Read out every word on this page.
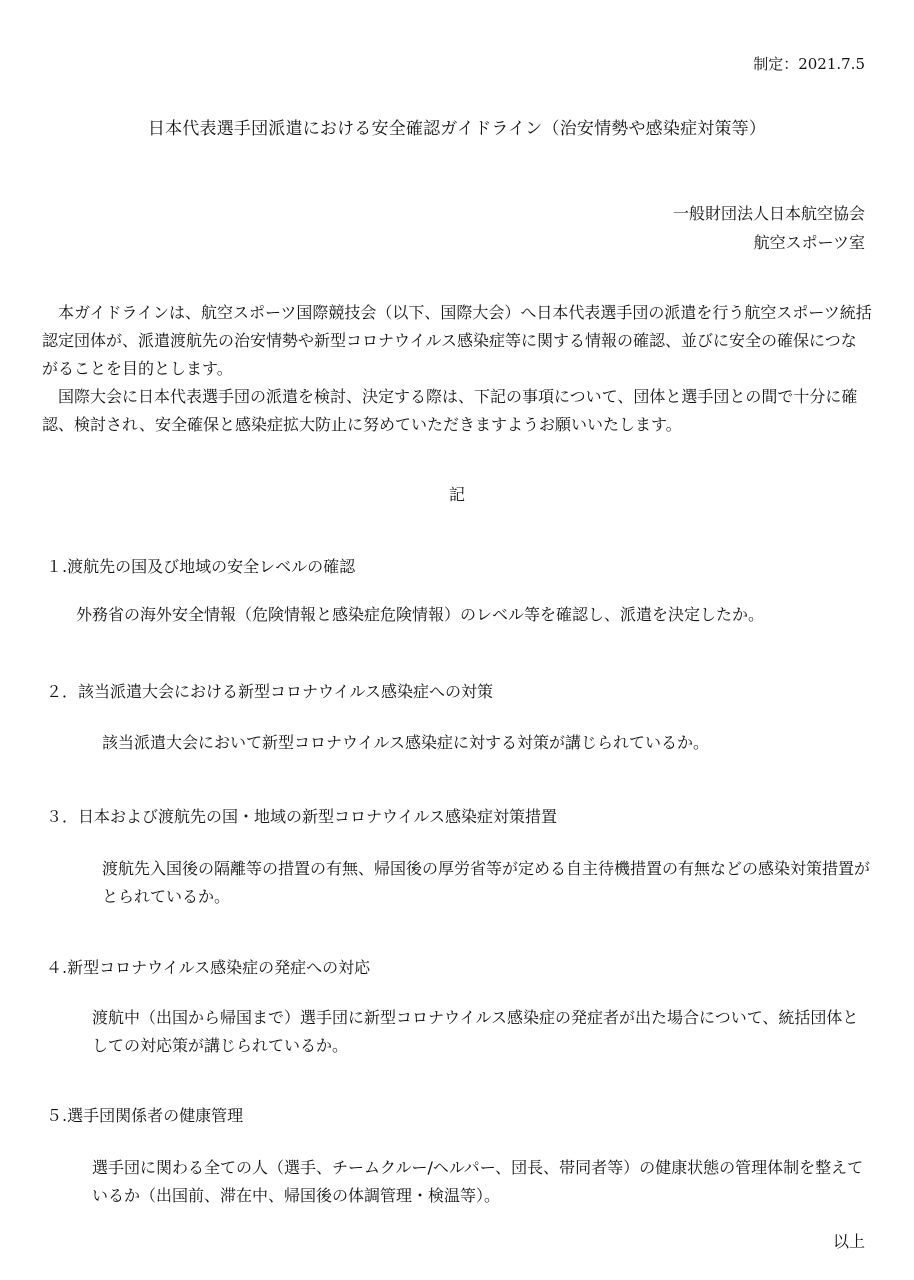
制定：2021.7.5
日本代表選手団派遣における安全確認ガイドライン（治安情勢や感染症対策等）
一般財団法人日本航空協会
航空スポーツ室

本ガイドラインは、航空スポーツ国際競技会（以下、国際大会）へ日本代表選手団の派遣を行う航空スポーツ統括認定団体が、派遣渡航先の治安情勢や新型コロナウイルス感染症等に関する情報の確認、並びに安全の確保につながることを目的とします。

国際大会に日本代表選手団の派遣を検討、決定する際は、下記の事項について、団体と選手団との間で十分に確認、検討され、安全確保と感染症拡大防止に努めていただきますようお願いいたします。

記
１.渡航先の国及び地域の安全レベルの確認
外務省の海外安全情報（危険情報と感染症危険情報）のレベル等を確認し、派遣を決定したか。
２．該当派遣大会における新型コロナウイルス感染症への対策
該当派遣大会において新型コロナウイルス感染症に対する対策が講じられているか。
３．日本および渡航先の国・地域の新型コロナウイルス感染症対策措置
渡航先入国後の隔離等の措置の有無、帰国後の厚労省等が定める自主待機措置の有無などの感染対策措置がとられているか。
４.新型コロナウイルス感染症の発症への対応
渡航中（出国から帰国まで）選手団に新型コロナウイルス感染症の発症者が出た場合について、統括団体としての対応策が講じられているか。
５.選手団関係者の健康管理
選手団に関わる全ての人（選手、チームクルー/ヘルパー、団長、帯同者等）の健康状態の管理体制を整えているか（出国前、滞在中、帰国後の体調管理・検温等）。
以上
